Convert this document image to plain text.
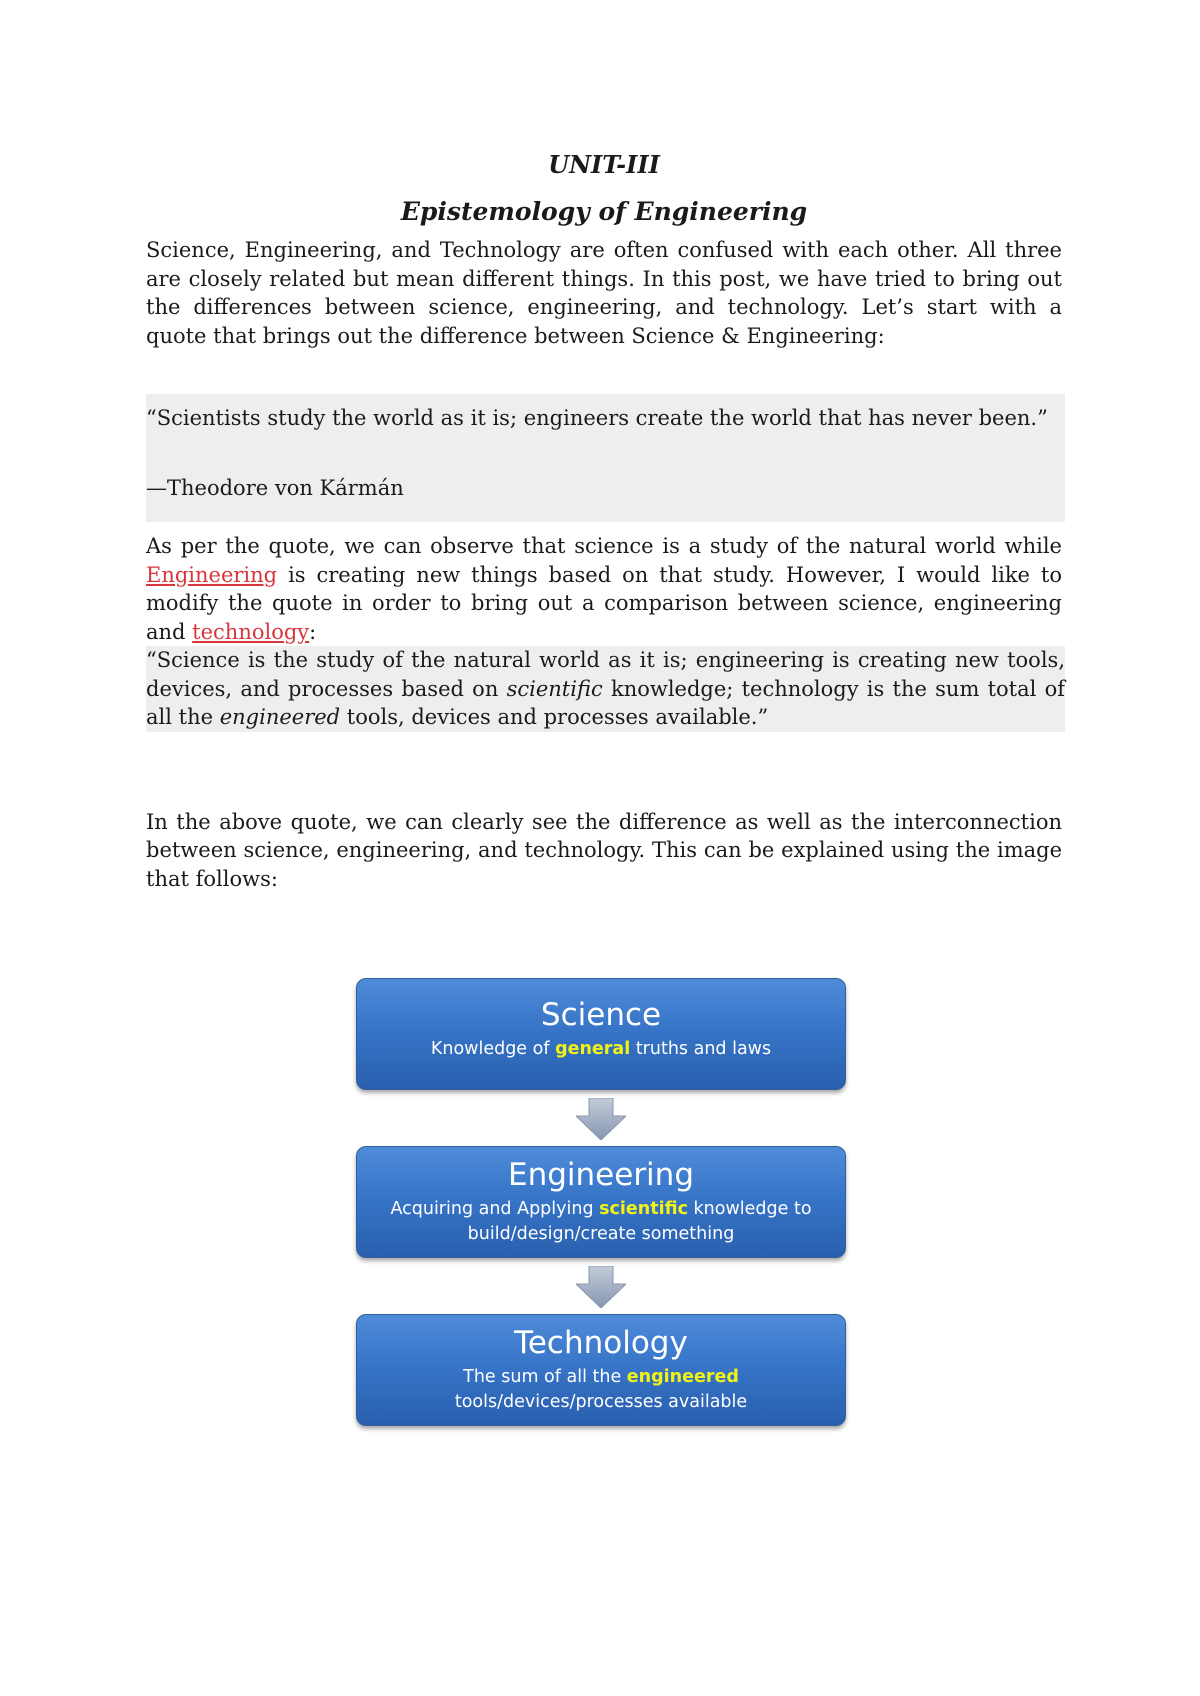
UNIT-III
Epistemology of Engineering

Science, Engineering, and Technology are often confused with each other. All three are closely related but mean different things. In this post, we have tried to bring out the differences between science, engineering, and technology. Let’s start with a quote that brings out the difference between Science & Engineering:

“Scientists study the world as it is; engineers create the world that has never been.”

—Theodore von Kármán

As per the quote, we can observe that science is a study of the natural world while Engineering is creating new things based on that study. However, I would like to modify the quote in order to bring out a comparison between science, engineering and technology:

“Science is the study of the natural world as it is; engineering is creating new tools, devices, and processes based on scientific knowledge; technology is the sum total of all the engineered tools, devices and processes available.”

In the above quote, we can clearly see the difference as well as the interconnection between science, engineering, and technology. This can be explained using the image that follows:

Science
Knowledge of general truths and laws
Engineering
Acquiring and Applying scientific knowledge to
build/design/create something
Technology
The sum of all the engineered
tools/devices/processes available
